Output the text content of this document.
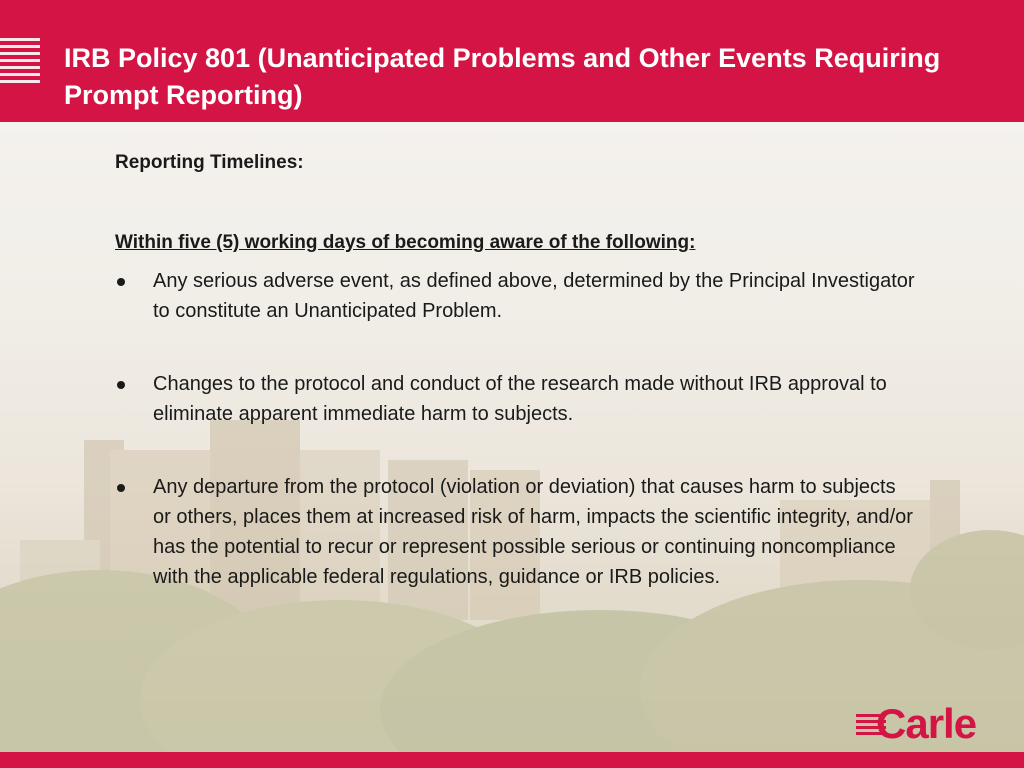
IRB Policy 801 (Unanticipated Problems and Other Events Requiring Prompt Reporting)
Reporting Timelines:
Within five (5) working days of becoming aware of the following:
Any serious adverse event, as defined above, determined by the Principal Investigator to constitute an Unanticipated Problem.
Changes to the protocol and conduct of the research made without IRB approval to eliminate apparent immediate harm to subjects.
Any departure from the protocol (violation or deviation) that causes harm to subjects or others, places them at increased risk of harm, impacts the scientific integrity, and/or has the potential to recur or represent possible serious or continuing noncompliance with the applicable federal regulations, guidance or IRB policies.
Carle
